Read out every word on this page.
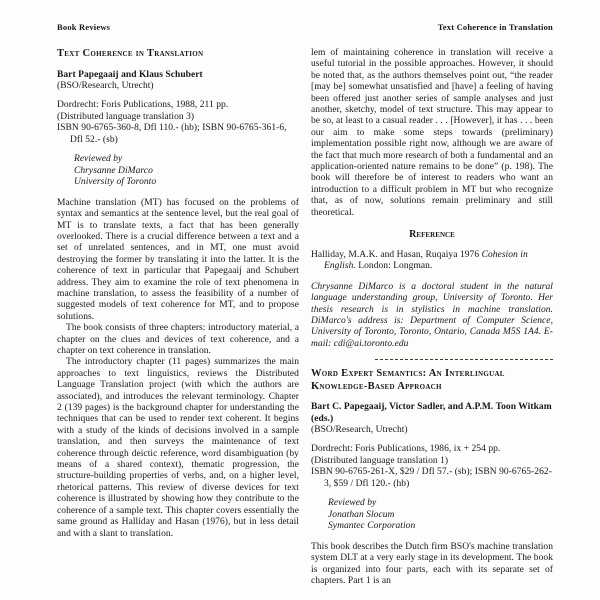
Book Reviews	Text Coherence in Translation
Text Coherence in Translation
Bart Papegaaij and Klaus Schubert
(BSO/Research, Utrecht)
Dordrecht: Foris Publications, 1988, 211 pp.
(Distributed language translation 3)
ISBN 90-6765-360-8, Dfl 110.- (hb); ISBN 90-6765-361-6, Dfl 52.- (sb)
Reviewed by
Chrysanne DiMarco
University of Toronto

Machine translation (MT) has focused on the problems of syntax and semantics at the sentence level, but the real goal of MT is to translate texts, a fact that has been generally overlooked. There is a crucial difference between a text and a set of unrelated sentences, and in MT, one must avoid destroying the former by translating it into the latter. It is the coherence of text in particular that Papegaaij and Schubert address. They aim to examine the role of text phenomena in machine translation, to assess the feasibility of a number of suggested models of text coherence for MT, and to propose solutions.

The book consists of three chapters: introductory material, a chapter on the clues and devices of text coherence, and a chapter on text coherence in translation.

The introductory chapter (11 pages) summarizes the main approaches to text linguistics, reviews the Distributed Language Translation project (with which the authors are associated), and introduces the relevant terminology. Chapter 2 (139 pages) is the background chapter for understanding the techniques that can be used to render text coherent. It begins with a study of the kinds of decisions involved in a sample translation, and then surveys the maintenance of text coherence through deictic reference, word disambiguation (by means of a shared context), thematic progression, the structure-building properties of verbs, and, on a higher level, rhetorical patterns. This review of diverse devices for text coherence is illustrated by showing how they contribute to the coherence of a sample text. This chapter covers essentially the same ground as Halliday and Hasan (1976), but in less detail and with a slant to translation.

lem of maintaining coherence in translation will receive a useful tutorial in the possible approaches. However, it should be noted that, as the authors themselves point out, “the reader [may be] somewhat unsatisfied and [have] a feeling of having been offered just another series of sample analyses and just another, sketchy, model of text structure. This may appear to be so, at least to a casual reader . . . [However], it has . . . been our aim to make some steps towards (preliminary) implementation possible right now, although we are aware of the fact that much more research of both a fundamental and an application-oriented nature remains to be done” (p. 198). The book will therefore be of interest to readers who want an introduction to a difficult problem in MT but who recognize that, as of now, solutions remain preliminary and still theoretical.

Reference

Halliday, M.A.K. and Hasan, Ruqaiya 1976 Cohesion in English. London: Longman.

Chrysanne DiMarco is a doctoral student in the natural language understanding group, University of Toronto. Her thesis research is in stylistics in machine translation. DiMarco's address is: Department of Computer Science, University of Toronto, Toronto, Ontario, Canada M5S 1A4. E-mail: cdi@ai.toronto.edu

Word Expert Semantics: An Interlingual Knowledge-Based Approach
Bart C. Papegaaij, Victor Sadler, and A.P.M. Toon Witkam (eds.)
(BSO/Research, Utrecht)
Dordrecht: Foris Publications, 1986, ix + 254 pp.
(Distributed language translation 1)
ISBN 90-6765-261-X, $29 / Dfl 57.- (sb); ISBN 90-6765-262-3, $59 / Dfl 120.- (hb)
Reviewed by
Jonathan Slocum
Symantec Corporation

This book describes the Dutch firm BSO's machine translation system DLT at a very early stage in its development. The book is organized into four parts, each with its separate set of chapters. Part 1 is an
